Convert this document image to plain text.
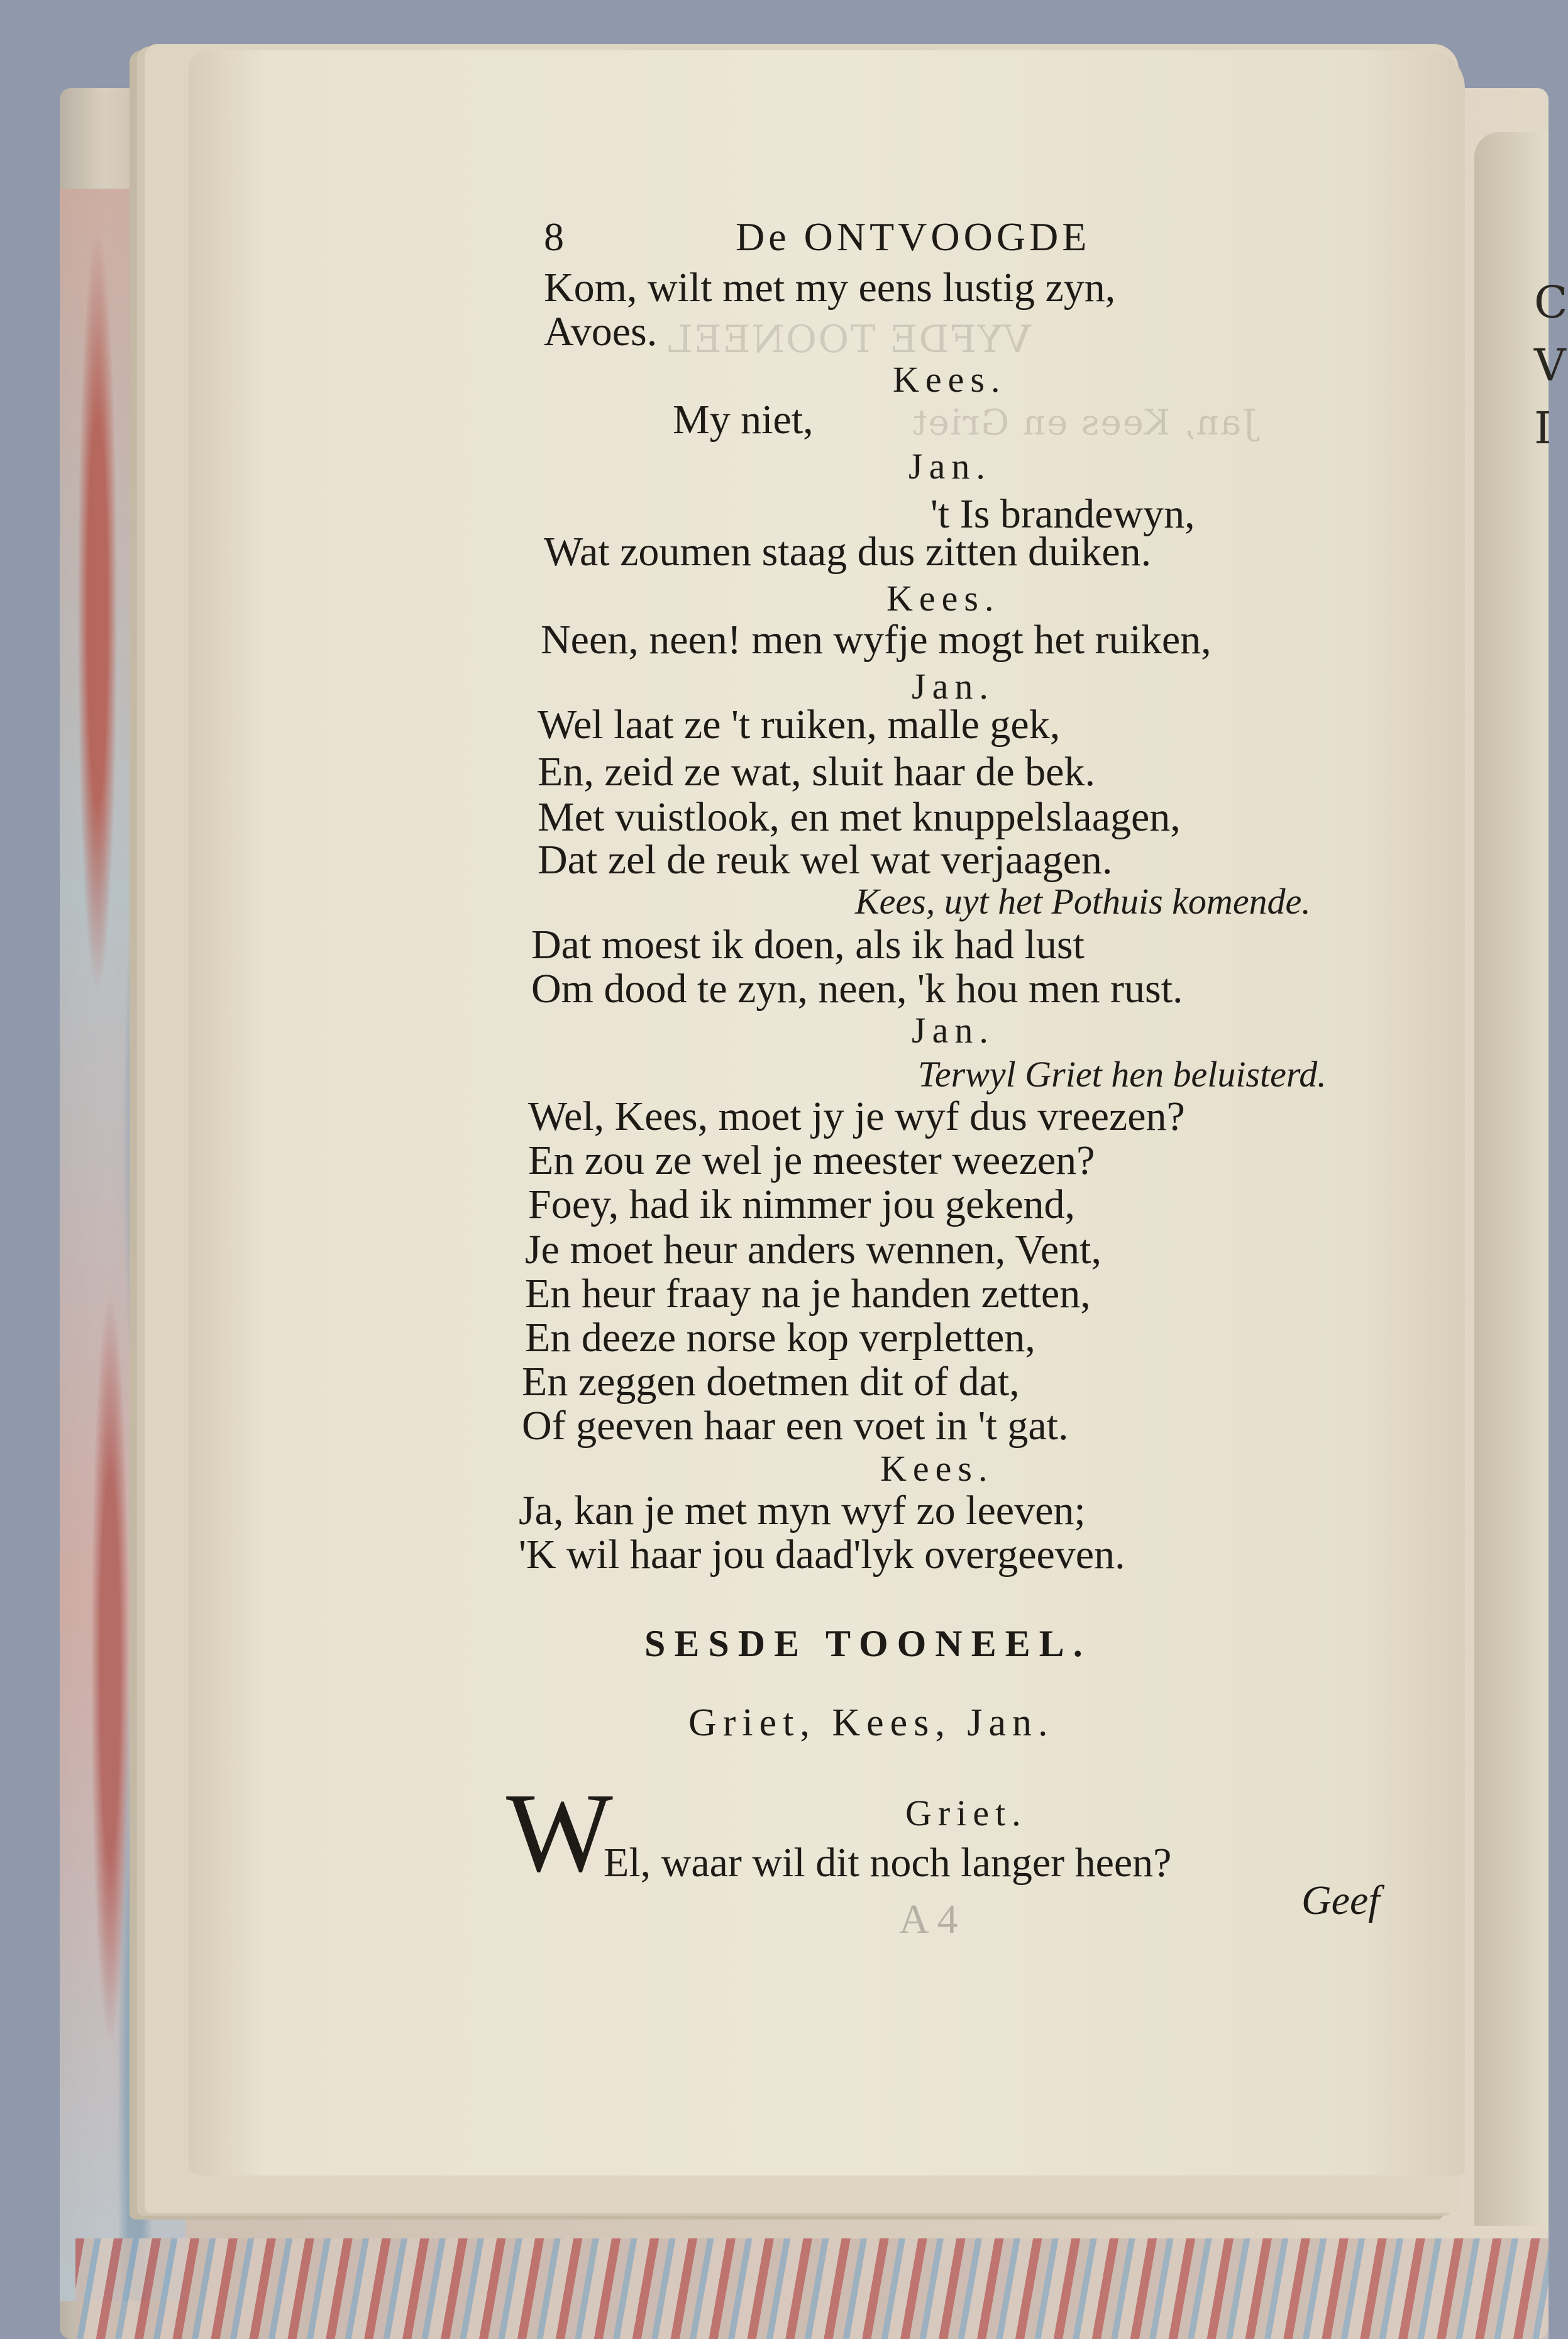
C
V
I
VYFDE TOONEEL
Jan, Kees en Griet
8	De ONTVOOGDE
Kom, wilt met my eens lustig zyn,
Avoes.
Kees.
My niet,
Jan.
't Is brandewyn,
Wat zoumen staag dus zitten duiken.
Kees.
Neen, neen! men wyfje mogt het ruiken,
Jan.
Wel laat ze 't ruiken, malle gek,
En, zeid ze wat, sluit haar de bek.
Met vuistlook, en met knuppelslaagen,
Dat zel de reuk wel wat verjaagen.
Kees, uyt het Pothuis komende.
Dat moest ik doen, als ik had lust
Om dood te zyn, neen, 'k hou men rust.
Jan.
Terwyl Griet hen beluisterd.
Wel, Kees, moet jy je wyf dus vreezen?
En zou ze wel je meester weezen?
Foey, had ik nimmer jou gekend,
Je moet heur anders wennen, Vent,
En heur fraay na je handen zetten,
En deeze norse kop verpletten,
En zeggen doetmen dit of dat,
Of geeven haar een voet in 't gat.
Kees.
Ja, kan je met myn wyf zo leeven;
'K wil haar jou daad'lyk overgeeven.
SESDE TOONEEL.
Griet, Kees, Jan.
Griet.
W
El, waar wil dit noch langer heen?
A 4	Geef
